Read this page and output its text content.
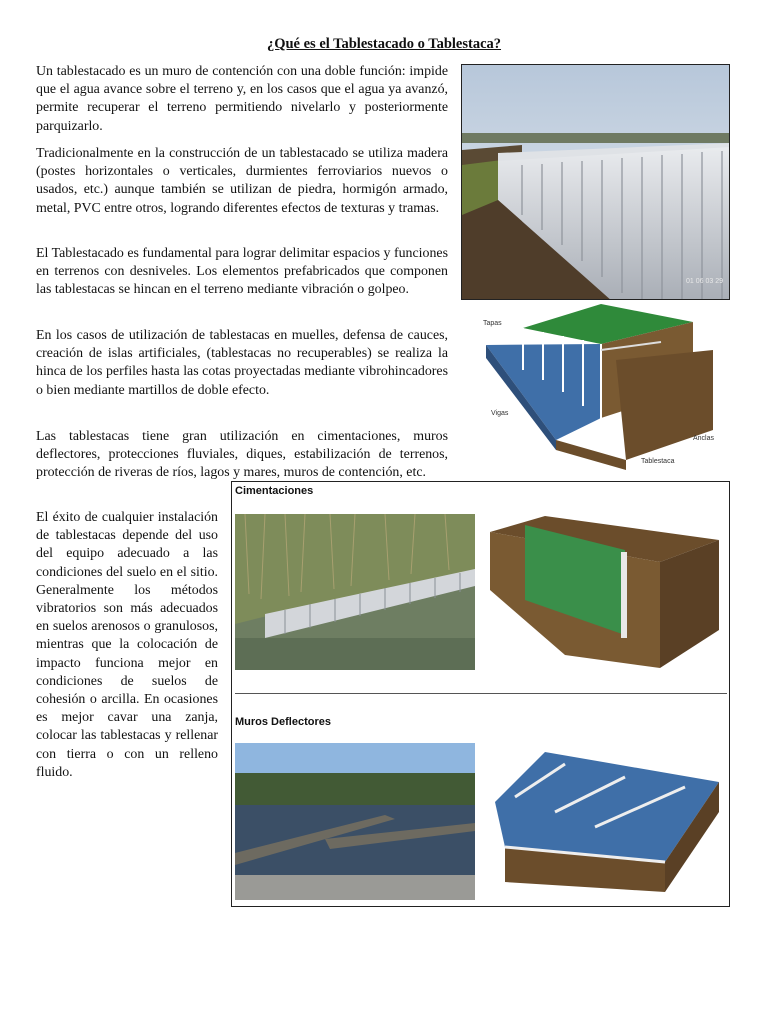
¿Qué es el Tablestacado o Tablestaca?

Un tablestacado es un muro de contención con una doble función: impide que el agua avance sobre el terreno y, en los casos que el agua ya avanzó, permite recuperar el terreno permitiendo nivelarlo y posteriormente parquizarlo.

Tradicionalmente en la construcción de un tablestacado se utiliza madera (postes horizontales o verticales, durmientes ferroviarios nuevos o usados, etc.) aunque también se utilizan de piedra, hormigón armado, metal, PVC entre otros, logrando diferentes efectos de texturas y tramas.

El Tablestacado es fundamental para lograr delimitar espacios y funciones en terrenos con desniveles. Los elementos prefabricados que componen las tablestacas se hincan en el terreno mediante vibración o golpeo.

En los casos de utilización de tablestacas en muelles, defensa de cauces, creación de islas artificiales, (tablestacas no recuperables) se realiza la hinca de los perfiles hasta las cotas proyectadas mediante vibrohincadores o bien mediante martillos de doble efecto.

Las tablestacas tiene gran utilización en cimentaciones, muros deflectores, protecciones fluviales, diques, estabilización de terrenos, protección de riveras de ríos, lagos y mares, muros de contención, etc.

El éxito de cualquier instalación de tablestacas depende del uso del equipo adecuado a las condiciones del suelo en el sitio. Generalmente los métodos vibratorios son más adecuados en suelos arenosos o granulosos, mientras que la colocación de impacto funciona mejor en condiciones de suelos de cohesión o arcilla. En ocasiones es mejor cavar una zanja, colocar las tablestacas y rellenar con tierra o con un relleno fluido.

01 06 03 29
Tapas
Vigas
Anclas
Tablestaca
Cimentaciones
Muros Deflectores
